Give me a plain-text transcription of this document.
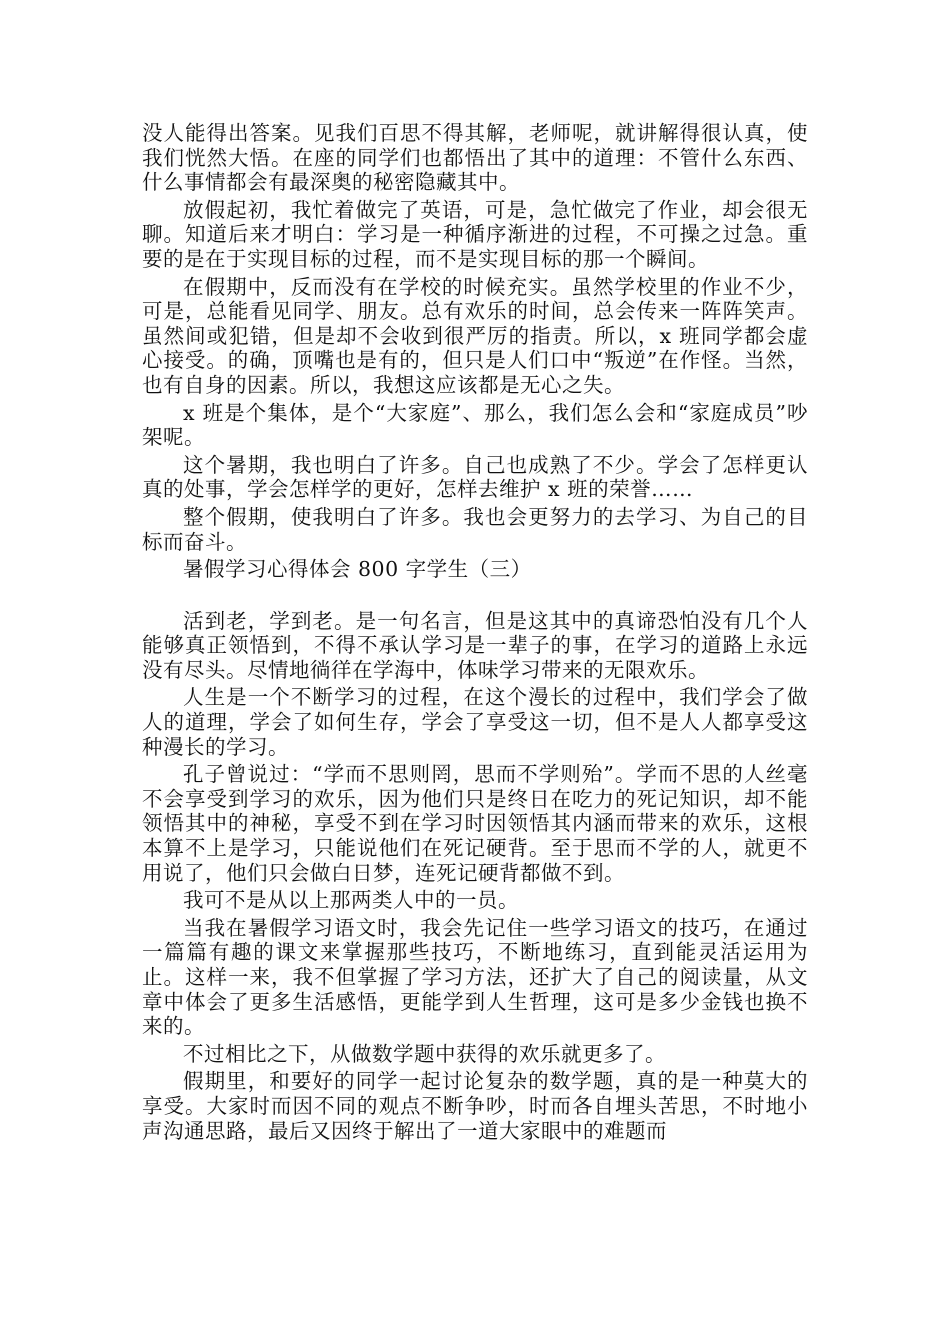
没人能得出答案。见我们百思不得其解，老师呢，就讲解得很认真，使我们恍然大悟。在座的同学们也都悟出了其中的道理：不管什么东西、什么事情都会有最深奥的秘密隐藏其中。

放假起初，我忙着做完了英语，可是，急忙做完了作业，却会很无聊。知道后来才明白：学习是一种循序渐进的过程，不可操之过急。重要的是在于实现目标的过程，而不是实现目标的那一个瞬间。

在假期中，反而没有在学校的时候充实。虽然学校里的作业不少，可是，总能看见同学、朋友。总有欢乐的时间，总会传来一阵阵笑声。虽然间或犯错，但是却不会收到很严厉的指责。所以，x 班同学都会虚心接受。的确，顶嘴也是有的，但只是人们口中“叛逆”在作怪。当然，也有自身的因素。所以，我想这应该都是无心之失。

x 班是个集体，是个“大家庭”、那么，我们怎么会和“家庭成员”吵架呢。

这个暑期，我也明白了许多。自己也成熟了不少。学会了怎样更认真的处事，学会怎样学的更好，怎样去维护 x 班的荣誉……

整个假期，使我明白了许多。我也会更努力的去学习、为自己的目标而奋斗。

暑假学习心得体会 800 字学生（三）

活到老，学到老。是一句名言，但是这其中的真谛恐怕没有几个人能够真正领悟到，不得不承认学习是一辈子的事，在学习的道路上永远没有尽头。尽情地徜徉在学海中，体味学习带来的无限欢乐。

人生是一个不断学习的过程，在这个漫长的过程中，我们学会了做人的道理，学会了如何生存，学会了享受这一切，但不是人人都享受这种漫长的学习。

孔子曾说过：“学而不思则罔，思而不学则殆”。学而不思的人丝毫不会享受到学习的欢乐，因为他们只是终日在吃力的死记知识，却不能领悟其中的神秘，享受不到在学习时因领悟其内涵而带来的欢乐，这根本算不上是学习，只能说他们在死记硬背。至于思而不学的人，就更不用说了，他们只会做白日梦，连死记硬背都做不到。

我可不是从以上那两类人中的一员。

当我在暑假学习语文时，我会先记住一些学习语文的技巧，在通过一篇篇有趣的课文来掌握那些技巧，不断地练习，直到能灵活运用为止。这样一来，我不但掌握了学习方法，还扩大了自己的阅读量，从文章中体会了更多生活感悟，更能学到人生哲理，这可是多少金钱也换不来的。

不过相比之下，从做数学题中获得的欢乐就更多了。

假期里，和要好的同学一起讨论复杂的数学题，真的是一种莫大的享受。大家时而因不同的观点不断争吵，时而各自埋头苦思，不时地小声沟通思路，最后又因终于解出了一道大家眼中的难题而
